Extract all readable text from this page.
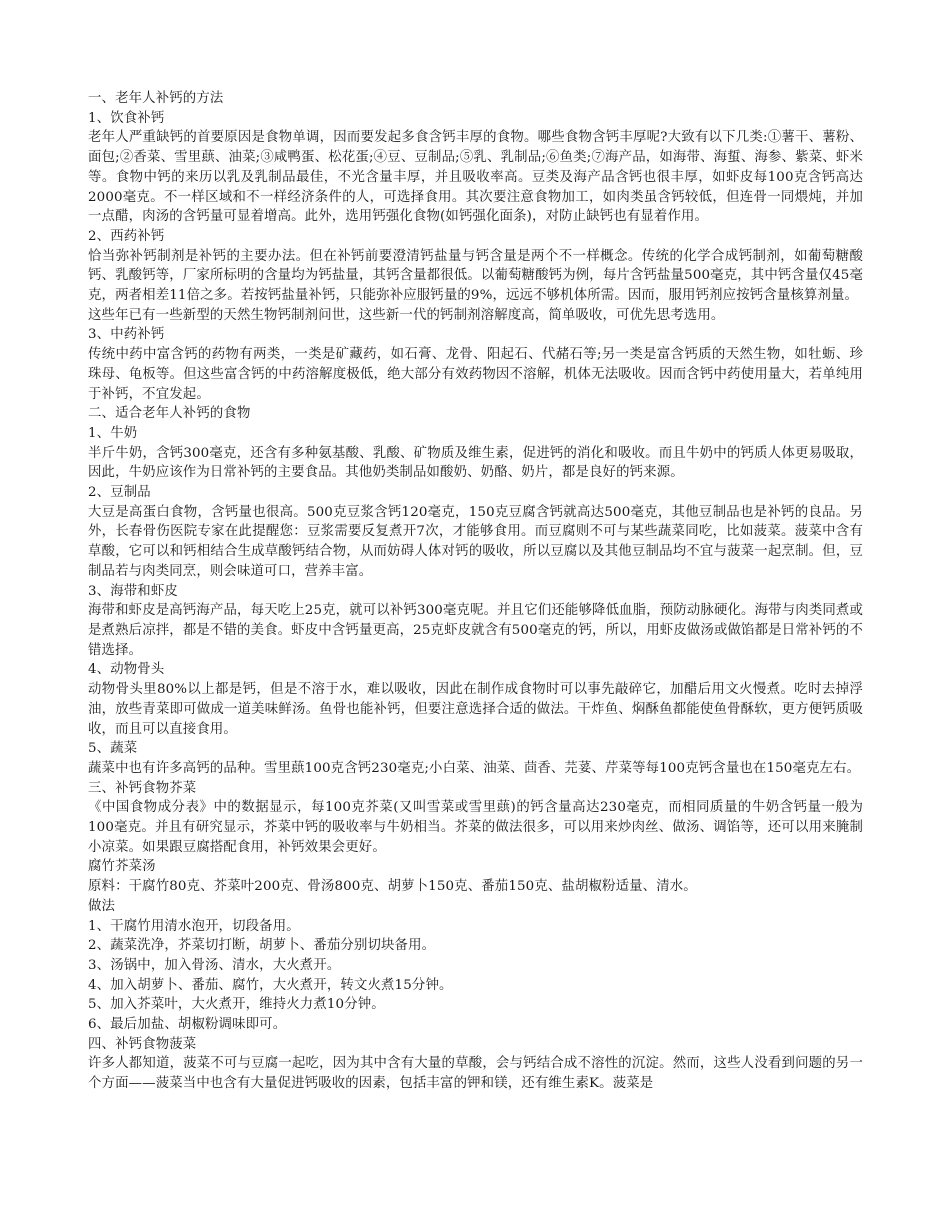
一、老年人补钙的方法

1、饮食补钙

老年人严重缺钙的首要原因是食物单调，因而要发起多食含钙丰厚的食物。哪些食物含钙丰厚呢?大致有以下几类:①薯干、薯粉、面包;②香菜、雪里蕻、油菜;③咸鸭蛋、松花蛋;④豆、豆制品;⑤乳、乳制品;⑥鱼类;⑦海产品，如海带、海蜇、海参、紫菜、虾米等。食物中钙的来历以乳及乳制品最佳，不光含量丰厚，并且吸收率高。豆类及海产品含钙也很丰厚，如虾皮每100克含钙高达2000毫克。不一样区域和不一样经济条件的人，可选择食用。其次要注意食物加工，如肉类虽含钙较低，但连骨一同煨炖，并加一点醋，肉汤的含钙量可显着增高。此外，选用钙强化食物(如钙强化面条)，对防止缺钙也有显着作用。

2、西药补钙

恰当弥补钙制剂是补钙的主要办法。但在补钙前要澄清钙盐量与钙含量是两个不一样概念。传统的化学合成钙制剂，如葡萄糖酸钙、乳酸钙等，厂家所标明的含量均为钙盐量，其钙含量都很低。以葡萄糖酸钙为例，每片含钙盐量500毫克，其中钙含量仅45毫克，两者相差11倍之多。若按钙盐量补钙，只能弥补应服钙量的9%，远远不够机体所需。因而，服用钙剂应按钙含量核算剂量。

这些年已有一些新型的天然生物钙制剂问世，这些新一代的钙制剂溶解度高，简单吸收，可优先思考选用。

3、中药补钙

传统中药中富含钙的药物有两类，一类是矿藏药，如石膏、龙骨、阳起石、代赭石等;另一类是富含钙质的天然生物，如牡蛎、珍珠母、龟板等。但这些富含钙的中药溶解度极低，绝大部分有效药物因不溶解，机体无法吸收。因而含钙中药使用量大，若单纯用于补钙，不宜发起。

二、适合老年人补钙的食物

1、牛奶

半斤牛奶，含钙300毫克，还含有多种氨基酸、乳酸、矿物质及维生素，促进钙的消化和吸收。而且牛奶中的钙质人体更易吸取，因此，牛奶应该作为日常补钙的主要食品。其他奶类制品如酸奶、奶酪、奶片，都是良好的钙来源。

2、豆制品

大豆是高蛋白食物，含钙量也很高。500克豆浆含钙120毫克，150克豆腐含钙就高达500毫克，其他豆制品也是补钙的良品。另外，长春骨伤医院专家在此提醒您：豆浆需要反复煮开7次，才能够食用。而豆腐则不可与某些蔬菜同吃，比如菠菜。菠菜中含有草酸，它可以和钙相结合生成草酸钙结合物，从而妨碍人体对钙的吸收，所以豆腐以及其他豆制品均不宜与菠菜一起烹制。但，豆制品若与肉类同烹，则会味道可口，营养丰富。

3、海带和虾皮

海带和虾皮是高钙海产品，每天吃上25克，就可以补钙300毫克呢。并且它们还能够降低血脂，预防动脉硬化。海带与肉类同煮或是煮熟后凉拌，都是不错的美食。虾皮中含钙量更高，25克虾皮就含有500毫克的钙，所以，用虾皮做汤或做馅都是日常补钙的不错选择。

4、动物骨头

动物骨头里80%以上都是钙，但是不溶于水，难以吸收，因此在制作成食物时可以事先敲碎它，加醋后用文火慢煮。吃时去掉浮油，放些青菜即可做成一道美味鲜汤。鱼骨也能补钙，但要注意选择合适的做法。干炸鱼、焖酥鱼都能使鱼骨酥软，更方便钙质吸收，而且可以直接食用。

5、蔬菜

蔬菜中也有许多高钙的品种。雪里蕻100克含钙230毫克;小白菜、油菜、茴香、芫荽、芹菜等每100克钙含量也在150毫克左右。

三、补钙食物芥菜

《中国食物成分表》中的数据显示，每100克芥菜(又叫雪菜或雪里蕻)的钙含量高达230毫克，而相同质量的牛奶含钙量一般为100毫克。并且有研究显示，芥菜中钙的吸收率与牛奶相当。芥菜的做法很多，可以用来炒肉丝、做汤、调馅等，还可以用来腌制小凉菜。如果跟豆腐搭配食用，补钙效果会更好。

腐竹芥菜汤

原料：干腐竹80克、芥菜叶200克、骨汤800克、胡萝卜150克、番茄150克、盐胡椒粉适量、清水。

做法

1、干腐竹用清水泡开，切段备用。

2、蔬菜洗净，芥菜切打断，胡萝卜、番茄分别切块备用。

3、汤锅中，加入骨汤、清水，大火煮开。

4、加入胡萝卜、番茄、腐竹，大火煮开，转文火煮15分钟。

5、加入芥菜叶，大火煮开，维持火力煮10分钟。

6、最后加盐、胡椒粉调味即可。

四、补钙食物菠菜

许多人都知道，菠菜不可与豆腐一起吃，因为其中含有大量的草酸，会与钙结合成不溶性的沉淀。然而，这些人没看到问题的另一个方面——菠菜当中也含有大量促进钙吸收的因素，包括丰富的钾和镁，还有维生素K。菠菜是
